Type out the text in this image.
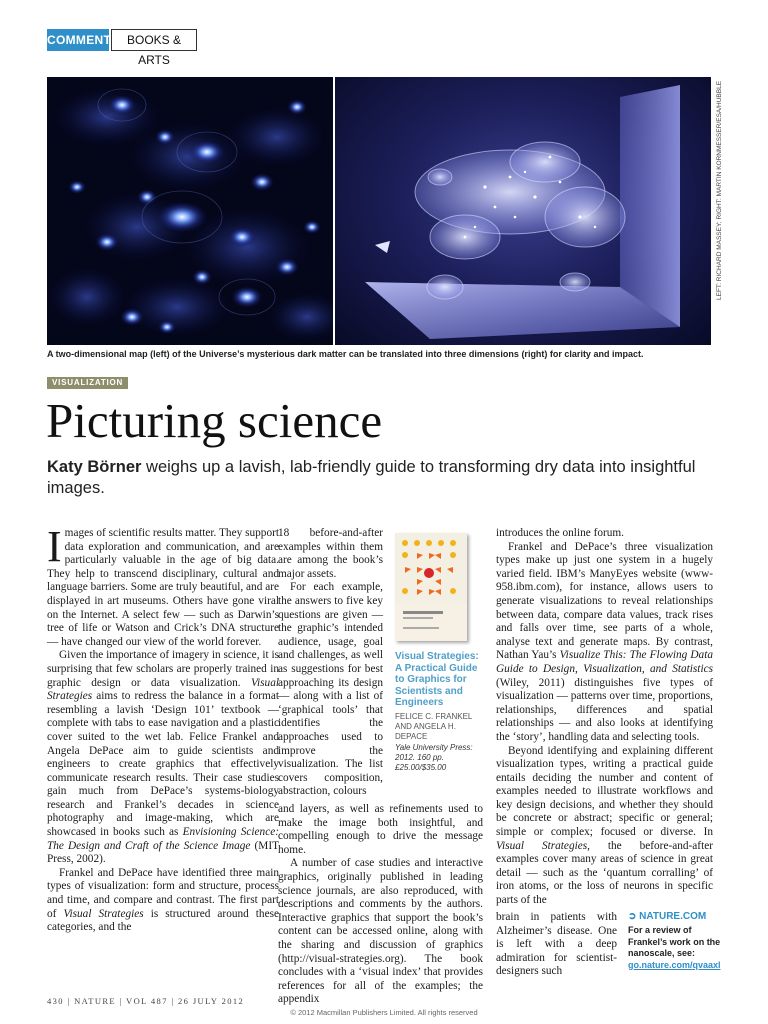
COMMENT	BOOKS & ARTS
LEFT: RICHARD MASSEY; RIGHT: MARTIN KORNMESSER/ESA/HUBBLE
A two-dimensional map (left) of the Universe’s mysterious dark matter can be translated into three dimensions (right) for clarity and impact.
VISUALIZATION
Picturing science
Katy Börner weighs up a lavish, lab-friendly guide to transforming dry data into insightful images.

Images of scientific results matter. They support data exploration and communication, and are particularly valuable in the age of big data. They help to transcend disciplinary, cultural and language barriers. Some are truly beautiful, and are displayed in art museums. Others have gone viral on the Internet. A select few — such as Darwin’s tree of life or Watson and Crick’s DNA structure — have changed our view of the world forever.

Given the importance of imagery in science, it is surprising that few scholars are properly trained in graphic design or data visualization. Visual Strategies aims to redress the balance in a format resembling a lavish ‘Design 101’ textbook — complete with tabs to ease navigation and a plastic cover suited to the wet lab. Felice Frankel and Angela DePace aim to guide scientists and engineers to create graphics that effectively communicate research results. Their case studies gain much from DePace’s systems-biology research and Frankel’s decades in science photography and image-making, which are showcased in books such as Envisioning Science: The Design and Craft of the Science Image (MIT Press, 2002).

Frankel and DePace have identified three main types of visualization: form and structure, process and time, and compare and contrast. The first part of Visual Strategies is structured around these categories, and the

18 before-and-after examples within them are among the book’s major assets.

For each example, the answers to five key questions are given — the graphic’s intended audience, usage, goal and challenges, as well as suggestions for best approaching its design — along with a list of ‘graphical tools’ that identifies the approaches used to improve the visualization. The list covers composition, abstraction, colours

Visual Strategies: A Practical Guide to Graphics for Scientists and Engineers
FELICE C. FRANKEL AND ANGELA H. DEPACE
Yale University Press: 2012. 160 pp. £25.00/$35.00

and layers, as well as refinements used to make the image both insightful, and compelling enough to drive the message home.

A number of case studies and interactive graphics, originally published in leading science journals, are also reproduced, with descriptions and comments by the authors. Interactive graphics that support the book’s content can be accessed online, along with the sharing and discussion of graphics (http://visual-strategies.org). The book concludes with a ‘visual index’ that provides references for all of the examples; the appendix

introduces the online forum.

Frankel and DePace’s three visualization types make up just one system in a hugely varied field. IBM’s ManyEyes website (www-958.ibm.com), for instance, allows users to generate visualizations to reveal relationships between data, compare data values, track rises and falls over time, see parts of a whole, analyse text and generate maps. By contrast, Nathan Yau’s Visualize This: The Flowing Data Guide to Design, Visualization, and Statistics (Wiley, 2011) distinguishes five types of visualization — patterns over time, proportions, relationships, differences and spatial relationships — and also looks at identifying the ‘story’, handling data and selecting tools.

Beyond identifying and explaining different visualization types, writing a practical guide entails deciding the number and content of examples needed to illustrate workflows and key design decisions, and whether they should be concrete or abstract; specific or general; simple or complex; focused or diverse. In Visual Strategies, the before-and-after examples cover many areas of science in great detail — such as the ‘quantum corralling’ of iron atoms, or the loss of neurons in specific parts of the

brain in patients with Alzheimer’s disease. One is left with a deep admiration for scientist-designers such

➲ NATURE.COM
For a review of Frankel’s work on the nanoscale, see:
go.nature.com/qvaaxl
430 | NATURE | VOL 487 | 26 JULY 2012
© 2012 Macmillan Publishers Limited. All rights reserved
